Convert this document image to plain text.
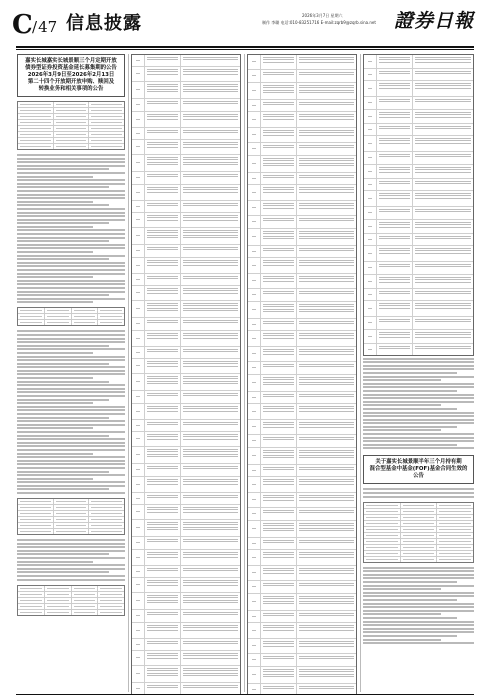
C
/ 47 信息披露	2026年3月7日 星期六
制作 李璐 电话:010-83251716 E-mail:zqrb9@zqrb.sina.net 證券日報
嘉实长城嘉实长城景顺三个月定期开放
债券型证券投资基金延长募集期的公告
2026年3月9日至2026年2月13日
第二十四个开放期开放申购、赎回及
转换业务和相关事项的公告
关于嘉实长城景顺半年三个月持有期
混合型基金中基金(FOF)基金合同生效的
公告
